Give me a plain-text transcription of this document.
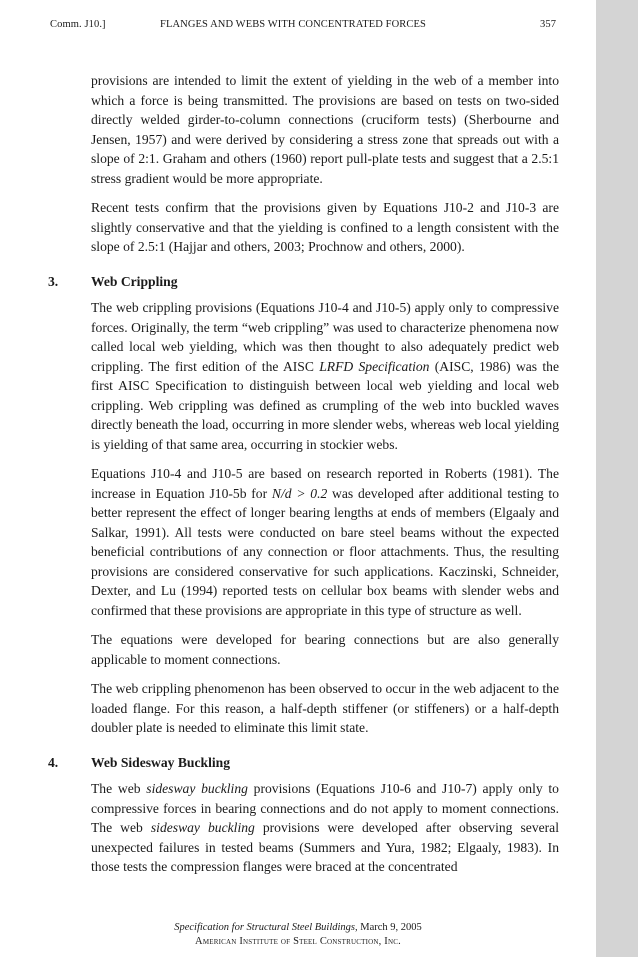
Comm. J10.]	FLANGES AND WEBS WITH CONCENTRATED FORCES	357

provisions are intended to limit the extent of yielding in the web of a member into which a force is being transmitted. The provisions are based on tests on two-sided directly welded girder-to-column connections (cruciform tests) (Sherbourne and Jensen, 1957) and were derived by considering a stress zone that spreads out with a slope of 2:1. Graham and others (1960) report pull-plate tests and suggest that a 2.5:1 stress gradient would be more appropriate.

Recent tests confirm that the provisions given by Equations J10-2 and J10-3 are slightly conservative and that the yielding is confined to a length consistent with the slope of 2.5:1 (Hajjar and others, 2003; Prochnow and others, 2000).

3. Web Crippling

The web crippling provisions (Equations J10-4 and J10-5) apply only to compressive forces. Originally, the term “web crippling” was used to characterize phenomena now called local web yielding, which was then thought to also adequately predict web crippling. The first edition of the AISC LRFD Specification (AISC, 1986) was the first AISC Specification to distinguish between local web yielding and local web crippling. Web crippling was defined as crumpling of the web into buckled waves directly beneath the load, occurring in more slender webs, whereas web local yielding is yielding of that same area, occurring in stockier webs.

Equations J10-4 and J10-5 are based on research reported in Roberts (1981). The increase in Equation J10-5b for N/d > 0.2 was developed after additional testing to better represent the effect of longer bearing lengths at ends of members (Elgaaly and Salkar, 1991). All tests were conducted on bare steel beams without the expected beneficial contributions of any connection or floor attachments. Thus, the resulting provisions are considered conservative for such applications. Kaczinski, Schneider, Dexter, and Lu (1994) reported tests on cellular box beams with slender webs and confirmed that these provisions are appropriate in this type of structure as well.

The equations were developed for bearing connections but are also generally applicable to moment connections.

The web crippling phenomenon has been observed to occur in the web adjacent to the loaded flange. For this reason, a half-depth stiffener (or stiffeners) or a half-depth doubler plate is needed to eliminate this limit state.

4. Web Sidesway Buckling

The web sidesway buckling provisions (Equations J10-6 and J10-7) apply only to compressive forces in bearing connections and do not apply to moment connections. The web sidesway buckling provisions were developed after observing several unexpected failures in tested beams (Summers and Yura, 1982; Elgaaly, 1983). In those tests the compression flanges were braced at the concentrated

Specification for Structural Steel Buildings, March 9, 2005
American Institute of Steel Construction, Inc.
